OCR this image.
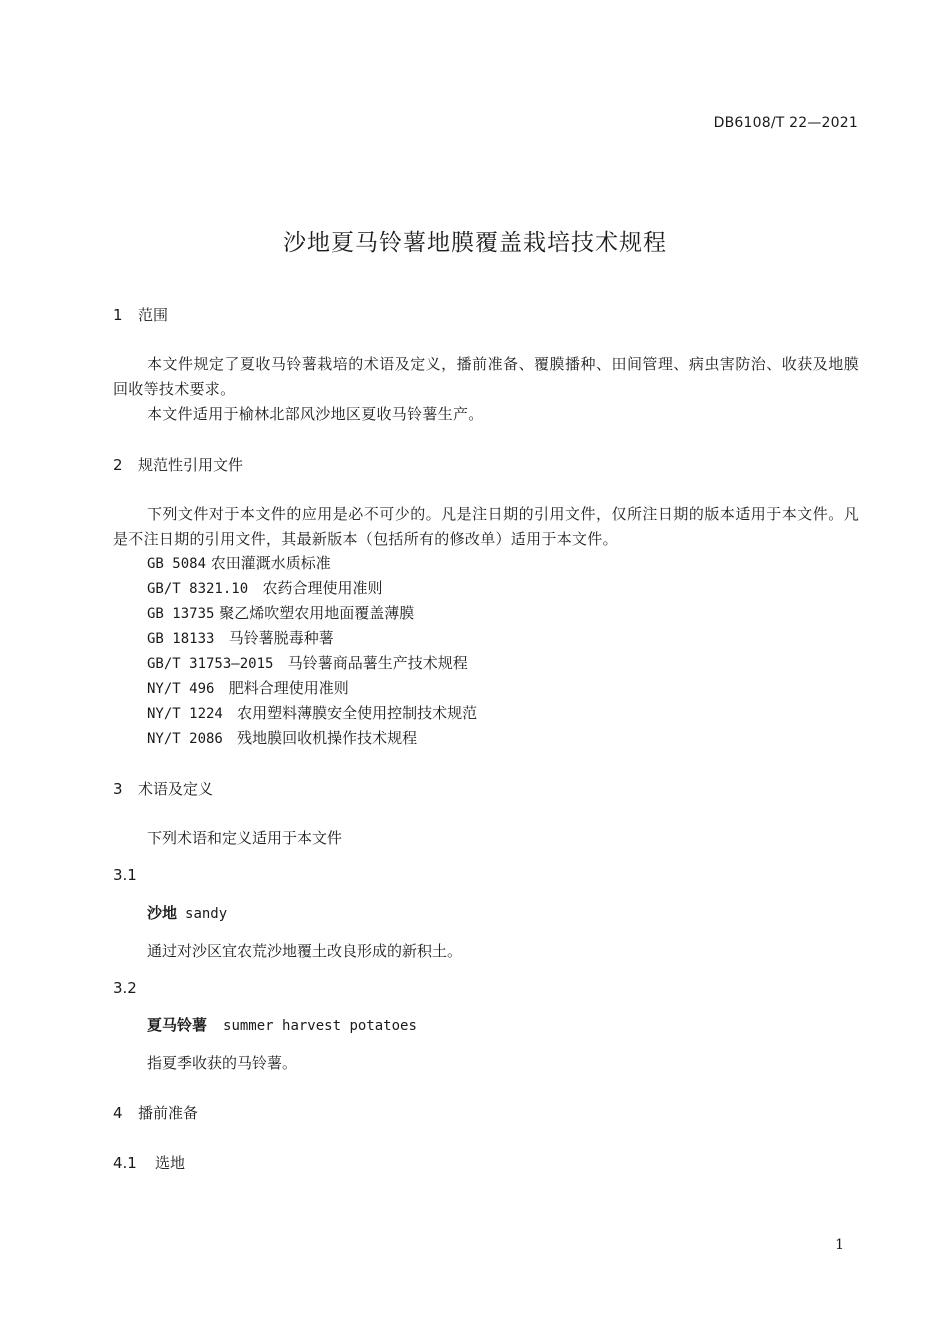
DB6108/T 22—2021
沙地夏马铃薯地膜覆盖栽培技术规程
1 范围
本文件规定了夏收马铃薯栽培的术语及定义，播前准备、覆膜播种、田间管理、病虫害防治、收获及地膜回收等技术要求。
本文件适用于榆林北部风沙地区夏收马铃薯生产。
2 规范性引用文件
下列文件对于本文件的应用是必不可少的。凡是注日期的引用文件，仅所注日期的版本适用于本文件。凡是不注日期的引用文件，其最新版本（包括所有的修改单）适用于本文件。
GB 5084 农田灌溉水质标准
GB/T 8321.10 农药合理使用准则
GB 13735 聚乙烯吹塑农用地面覆盖薄膜
GB 18133 马铃薯脱毒种薯
GB/T 31753—2015 马铃薯商品薯生产技术规程
NY/T 496 肥料合理使用准则
NY/T 1224 农用塑料薄膜安全使用控制技术规范
NY/T 2086 残地膜回收机操作技术规程
3 术语及定义
下列术语和定义适用于本文件
3.1
沙地 sandy
通过对沙区宜农荒沙地覆土改良形成的新积土。
3.2
夏马铃薯 summer harvest potatoes
指夏季收获的马铃薯。
4 播前准备
4.1 选地
1
